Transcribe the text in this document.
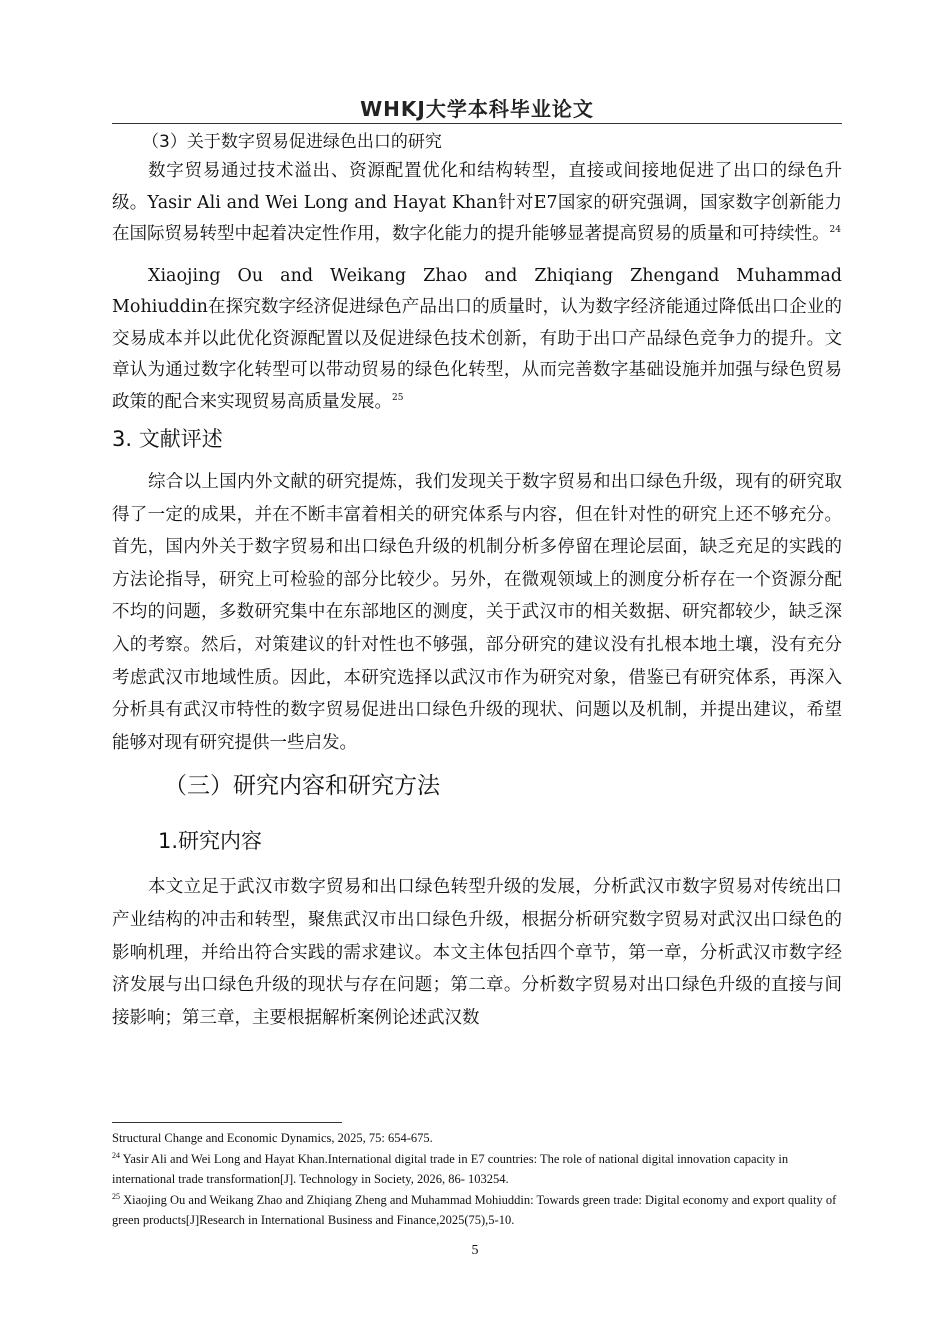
WHKJ大学本科毕业论文

（3）关于数字贸易促进绿色出口的研究

数字贸易通过技术溢出、资源配置优化和结构转型，直接或间接地促进了出口的绿色升级。Yasir Ali and Wei Long and Hayat Khan针对E7国家的研究强调，国家数字创新能力在国际贸易转型中起着决定性作用，数字化能力的提升能够显著提高贸易的质量和可持续性。$^{24}$

Xiaojing Ou and Weikang Zhao and Zhiqiang Zhengand Muhammad Mohiuddin在探究数字经济促进绿色产品出口的质量时，认为数字经济能通过降低出口企业的交易成本并以此优化资源配置以及促进绿色技术创新，有助于出口产品绿色竞争力的提升。文章认为通过数字化转型可以带动贸易的绿色化转型，从而完善数字基础设施并加强与绿色贸易政策的配合来实现贸易高质量发展。$^{25}$

3. 文献评述

综合以上国内外文献的研究提炼，我们发现关于数字贸易和出口绿色升级，现有的研究取得了一定的成果，并在不断丰富着相关的研究体系与内容，但在针对性的研究上还不够充分。首先，国内外关于数字贸易和出口绿色升级的机制分析多停留在理论层面，缺乏充足的实践的方法论指导，研究上可检验的部分比较少。另外，在微观领域上的测度分析存在一个资源分配不均的问题，多数研究集中在东部地区的测度，关于武汉市的相关数据、研究都较少，缺乏深入的考察。然后，对策建议的针对性也不够强，部分研究的建议没有扎根本地土壤，没有充分考虑武汉市地域性质。因此，本研究选择以武汉市作为研究对象，借鉴已有研究体系，再深入分析具有武汉市特性的数字贸易促进出口绿色升级的现状、问题以及机制，并提出建议，希望能够对现有研究提供一些启发。

（三）研究内容和研究方法

1.研究内容

本文立足于武汉市数字贸易和出口绿色转型升级的发展，分析武汉市数字贸易对传统出口产业结构的冲击和转型，聚焦武汉市出口绿色升级，根据分析研究数字贸易对武汉出口绿色的影响机理，并给出符合实践的需求建议。本文主体包括四个章节，第一章，分析武汉市数字经济发展与出口绿色升级的现状与存在问题；第二章。分析数字贸易对出口绿色升级的直接与间接影响；第三章，主要根据解析案例论述武汉数

Structural Change and Economic Dynamics, 2025, 75: 654-675.

$^{24}$ Yasir Ali and Wei Long and Hayat Khan.International digital trade in E7 countries: The role of national digital innovation capacity in international trade transformation[J]. Technology in Society, 2026, 86- 103254.

$^{25}$ Xiaojing Ou and Weikang Zhao and Zhiqiang Zheng and Muhammad Mohiuddin: Towards green trade: Digital economy and export quality of green products[J]Research in International Business and Finance,2025(75),5-10.

5
